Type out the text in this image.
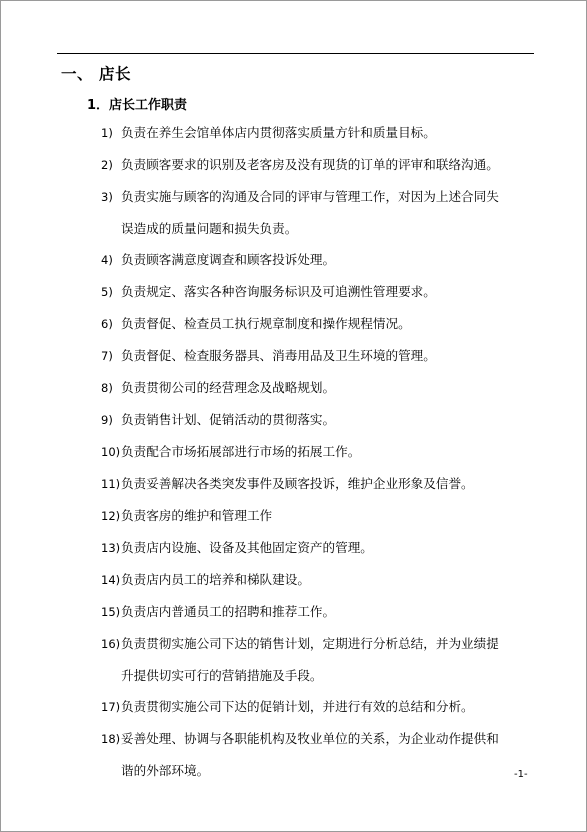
一、 店长
1．店长工作职责
1) 负责在养生会馆单体店内贯彻落实质量方针和质量目标。
2) 负责顾客要求的识别及老客房及没有现货的订单的评审和联络沟通。
3) 负责实施与顾客的沟通及合同的评审与管理工作，对因为上述合同失
误造成的质量问题和损失负责。
4) 负责顾客满意度调查和顾客投诉处理。
5) 负责规定、落实各种咨询服务标识及可追溯性管理要求。
6) 负责督促、检查员工执行规章制度和操作规程情况。
7) 负责督促、检查服务器具、消毒用品及卫生环境的管理。
8) 负责贯彻公司的经营理念及战略规划。
9) 负责销售计划、促销活动的贯彻落实。
10)负责配合市场拓展部进行市场的拓展工作。
11)负责妥善解决各类突发事件及顾客投诉，维护企业形象及信誉。
12)负责客房的维护和管理工作
13)负责店内设施、设备及其他固定资产的管理。
14)负责店内员工的培养和梯队建设。
15)负责店内普通员工的招聘和推荐工作。
16)负责贯彻实施公司下达的销售计划，定期进行分析总结，并为业绩提
升提供切实可行的营销措施及手段。
17)负责贯彻实施公司下达的促销计划，并进行有效的总结和分析。
18)妥善处理、协调与各职能机构及牧业单位的关系，为企业动作提供和
谐的外部环境。	-1-
